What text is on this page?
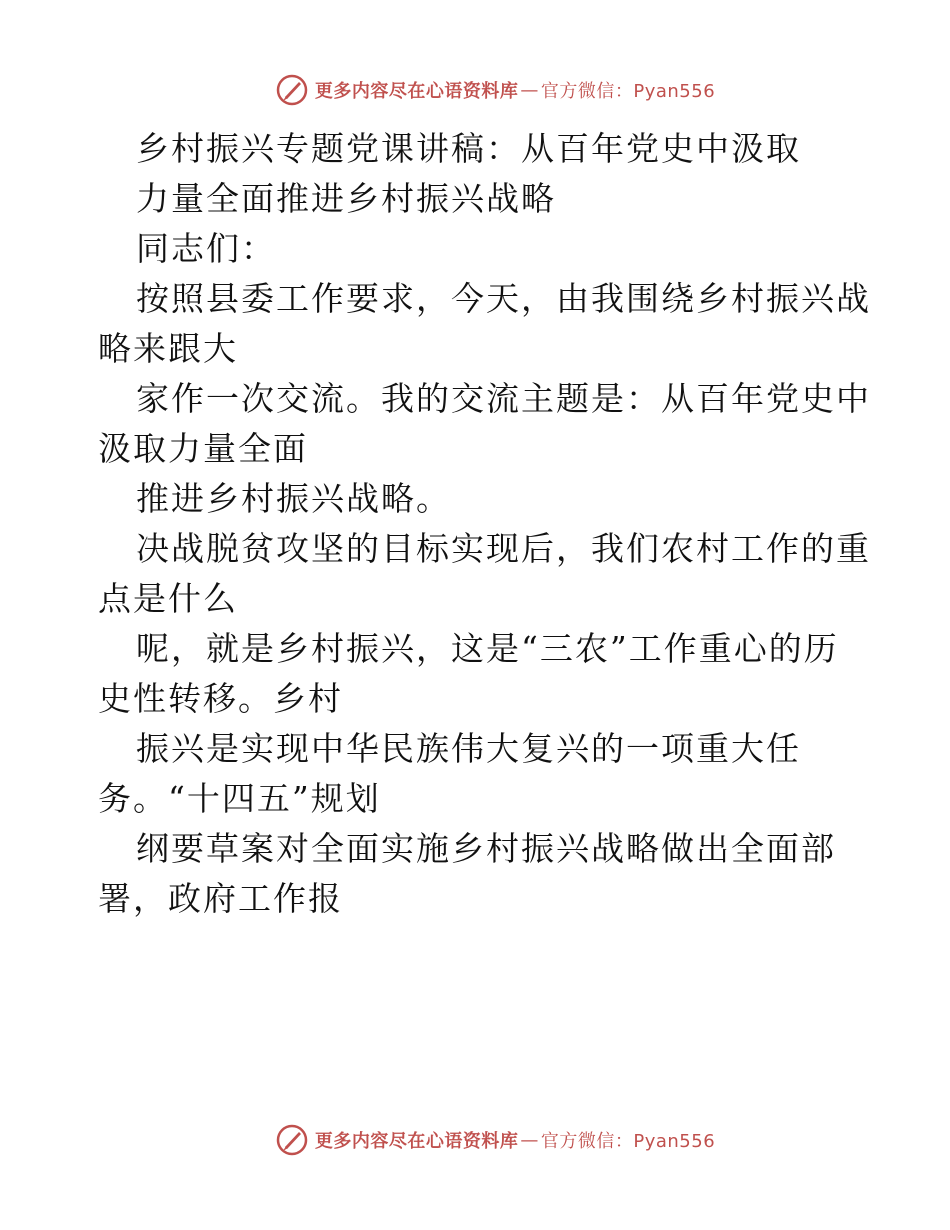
更多内容尽在心语资料库 — 官方微信：Pyan556
乡村振兴专题党课讲稿：从百年党史中汲取
力量全面推进乡村振兴战略
同志们：
按照县委工作要求，今天，由我围绕乡村振兴战
略来跟大
家作一次交流。我的交流主题是：从百年党史中
汲取力量全面
推进乡村振兴战略。
决战脱贫攻坚的目标实现后，我们农村工作的重
点是什么
呢，就是乡村振兴，这是“三农”工作重心的历
史性转移。乡村
振兴是实现中华民族伟大复兴的一项重大任
务。“十四五”规划
纲要草案对全面实施乡村振兴战略做出全面部
署，政府工作报
更多内容尽在心语资料库 — 官方微信：Pyan556
